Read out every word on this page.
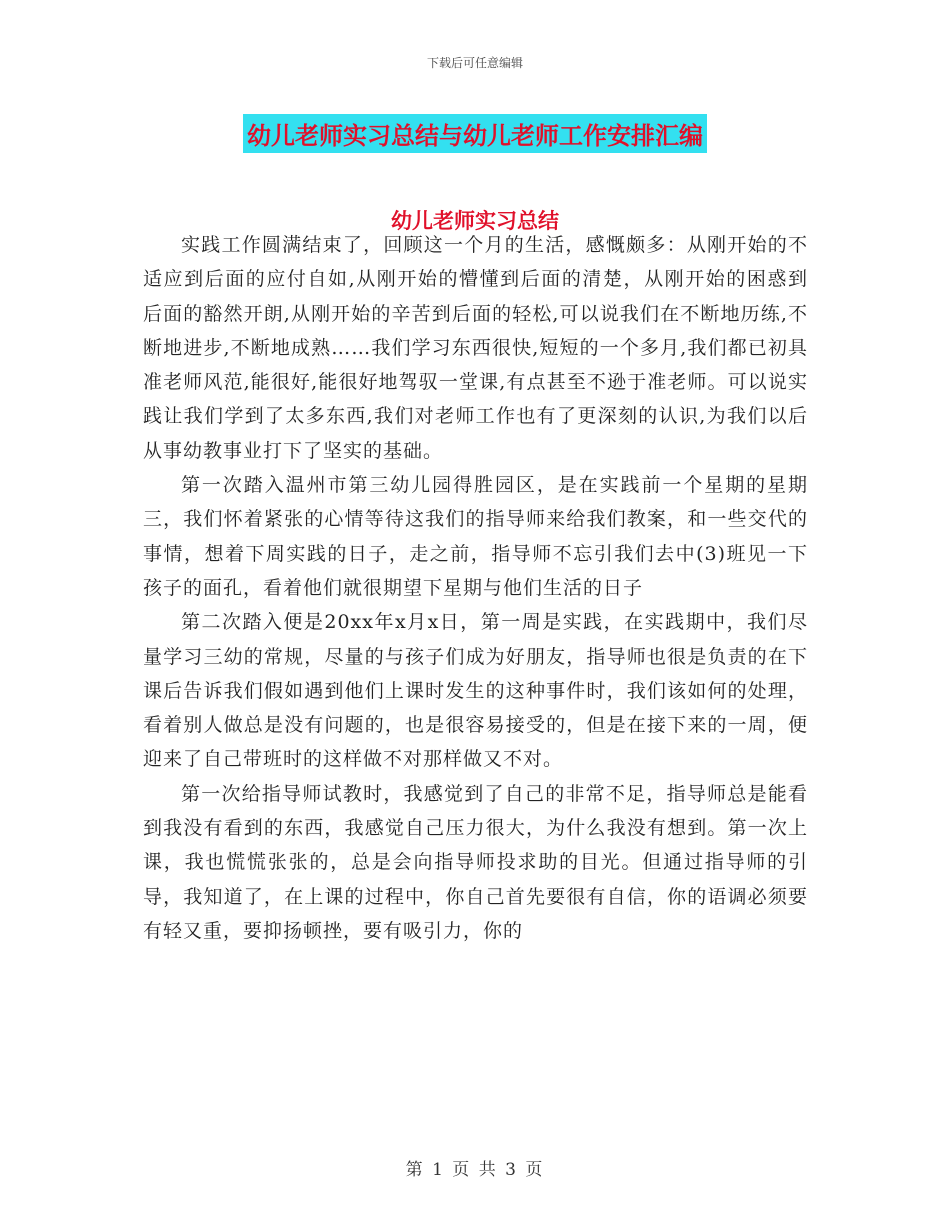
下载后可任意编辑
幼儿老师实习总结与幼儿老师工作安排汇编
幼儿老师实习总结

实践工作圆满结束了，回顾这一个月的生活，感慨颇多：从刚开始的不适应到后面的应付自如,从刚开始的懵懂到后面的清楚，从刚开始的困惑到后面的豁然开朗,从刚开始的辛苦到后面的轻松,可以说我们在不断地历练,不断地进步,不断地成熟……我们学习东西很快,短短的一个多月,我们都已初具准老师风范,能很好,能很好地驾驭一堂课,有点甚至不逊于准老师。可以说实践让我们学到了太多东西,我们对老师工作也有了更深刻的认识,为我们以后从事幼教事业打下了坚实的基础。

第一次踏入温州市第三幼儿园得胜园区，是在实践前一个星期的星期三，我们怀着紧张的心情等待这我们的指导师来给我们教案，和一些交代的事情，想着下周实践的日子，走之前，指导师不忘引我们去中(3)班见一下孩子的面孔，看着他们就很期望下星期与他们生活的日子

第二次踏入便是20xx年x月x日，第一周是实践，在实践期中，我们尽量学习三幼的常规，尽量的与孩子们成为好朋友，指导师也很是负责的在下课后告诉我们假如遇到他们上课时发生的这种事件时，我们该如何的处理，看着别人做总是没有问题的，也是很容易接受的，但是在接下来的一周，便迎来了自己带班时的这样做不对那样做又不对。

第一次给指导师试教时，我感觉到了自己的非常不足，指导师总是能看到我没有看到的东西，我感觉自己压力很大，为什么我没有想到。第一次上课，我也慌慌张张的，总是会向指导师投求助的目光。但通过指导师的引导，我知道了，在上课的过程中，你自己首先要很有自信，你的语调必须要有轻又重，要抑扬顿挫，要有吸引力，你的

第 1 页 共 3 页
